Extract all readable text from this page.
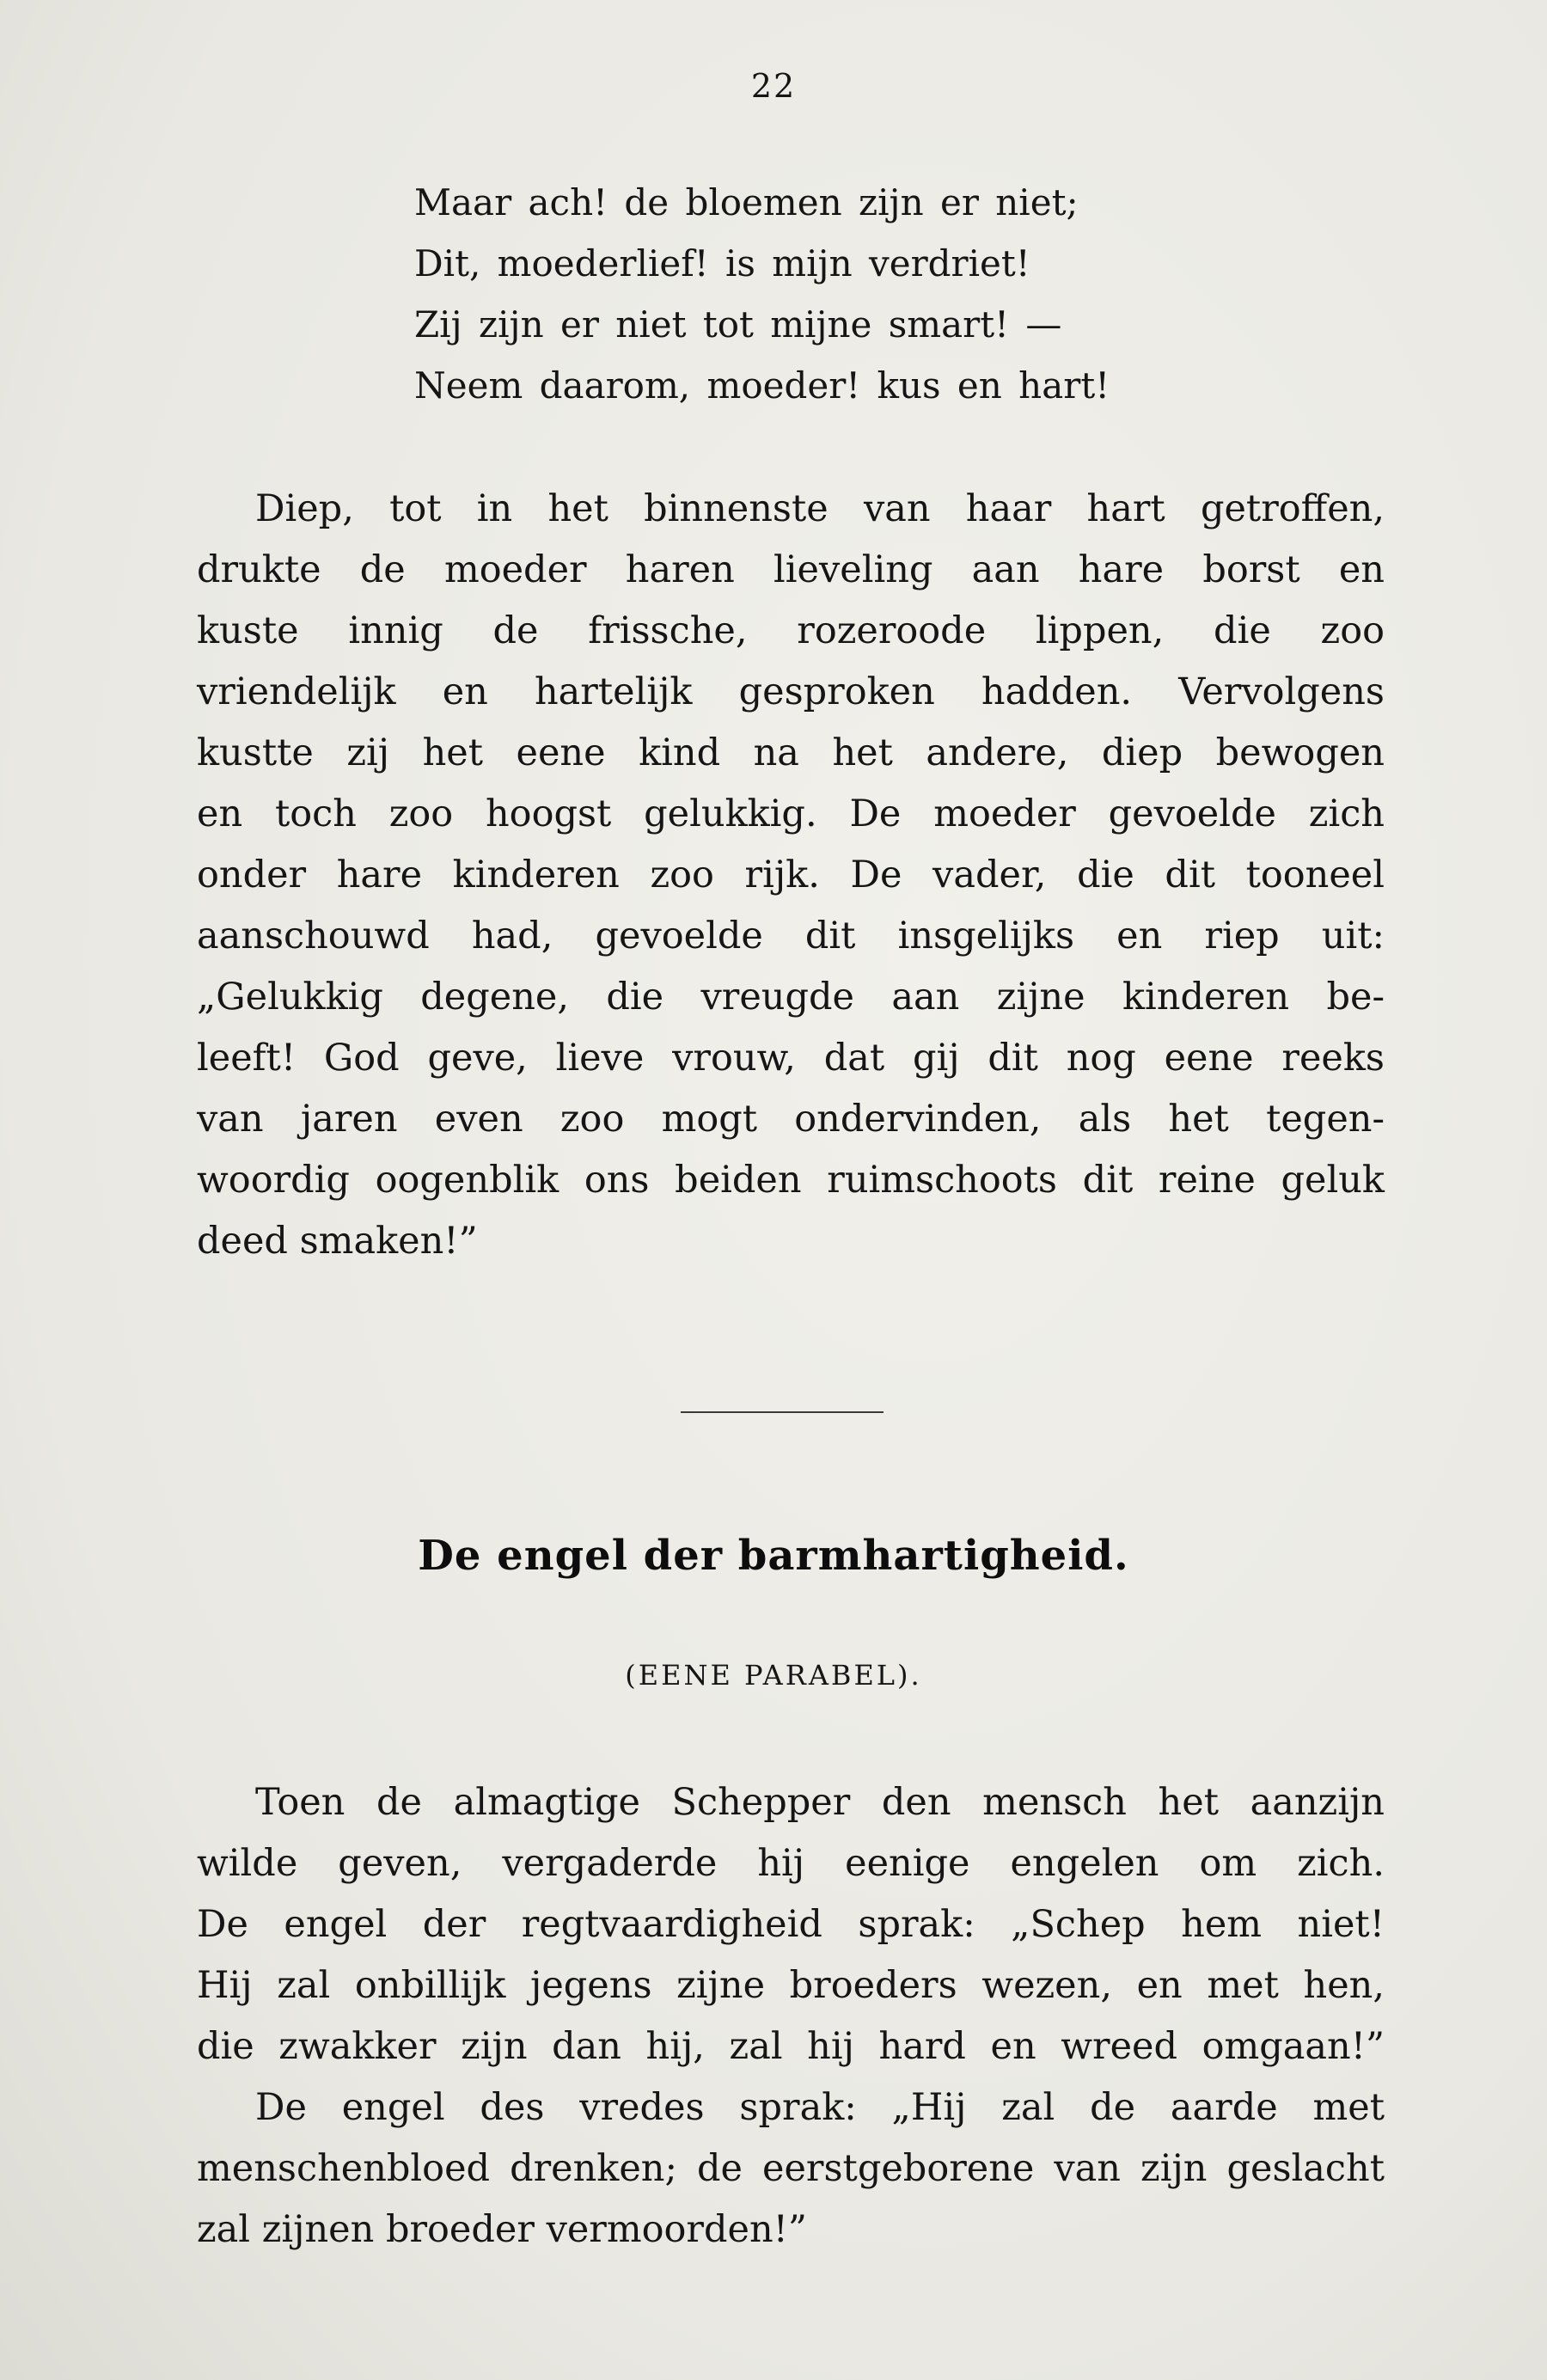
22
Maar ach! de bloemen zijn er niet;
Dit, moederlief! is mijn verdriet!
Zij zijn er niet tot mijne smart! —
Neem daarom, moeder! kus en hart!
Diep, tot in het binnenste van haar hart getroffen,
drukte de moeder haren lieveling aan hare borst en
kuste innig de frissche, rozeroode lippen, die zoo
vriendelijk en hartelijk gesproken hadden. Vervolgens
kustte zij het eene kind na het andere, diep bewogen
en toch zoo hoogst gelukkig. De moeder gevoelde zich
onder hare kinderen zoo rijk. De vader, die dit tooneel
aanschouwd had, gevoelde dit insgelijks en riep uit:
„Gelukkig degene, die vreugde aan zijne kinderen be-
leeft! God geve, lieve vrouw, dat gij dit nog eene reeks
van jaren even zoo mogt ondervinden, als het tegen-
woordig oogenblik ons beiden ruimschoots dit reine geluk
deed smaken!”
De engel der barmhartigheid.
(EENE PARABEL).
Toen de almagtige Schepper den mensch het aanzijn
wilde geven, vergaderde hij eenige engelen om zich.
De engel der regtvaardigheid sprak: „Schep hem niet!
Hij zal onbillijk jegens zijne broeders wezen, en met hen,
die zwakker zijn dan hij, zal hij hard en wreed omgaan!”
De engel des vredes sprak: „Hij zal de aarde met
menschenbloed drenken; de eerstgeborene van zijn geslacht
zal zijnen broeder vermoorden!”
